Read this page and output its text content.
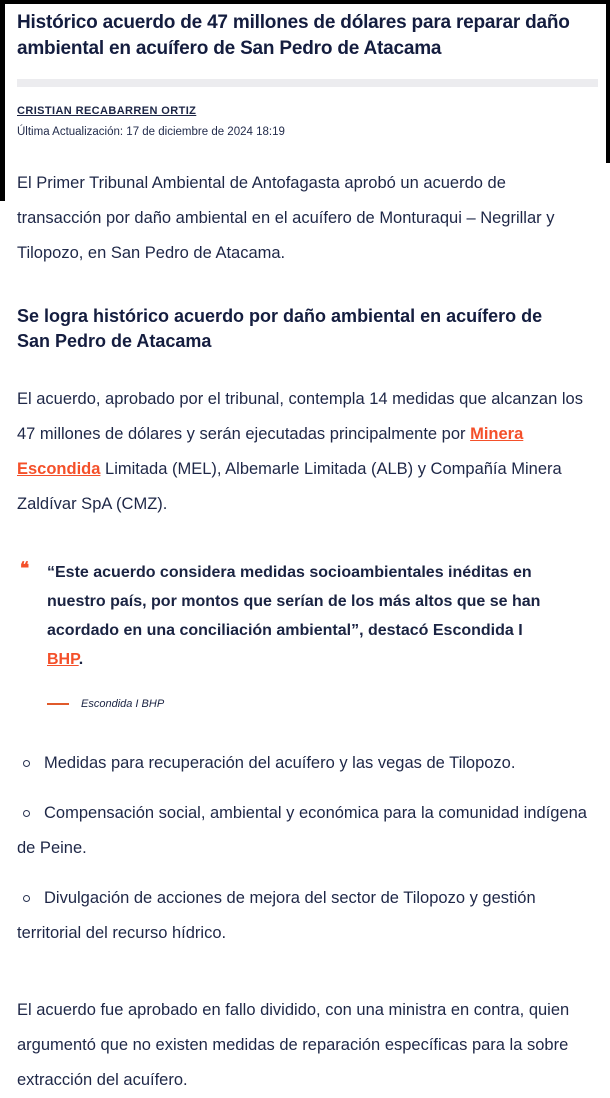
Histórico acuerdo de 47 millones de dólares para reparar daño ambiental en acuífero de San Pedro de Atacama
CRISTIAN RECABARREN ORTIZ
Última Actualización: 17 de diciembre de 2024 18:19

El Primer Tribunal Ambiental de Antofagasta aprobó un acuerdo de transacción por daño ambiental en el acuífero de Monturaqui – Negrillar y Tilopozo, en San Pedro de Atacama.

Se logra histórico acuerdo por daño ambiental en acuífero de San Pedro de Atacama

El acuerdo, aprobado por el tribunal, contempla 14 medidas que alcanzan los 47 millones de dólares y serán ejecutadas principalmente por Minera Escondida Limitada (MEL), Albemarle Limitada (ALB) y Compañía Minera Zaldívar SpA (CMZ).

❝	“Este acuerdo considera medidas socioambientales inéditas en nuestro país, por montos que serían de los más altos que se han acordado en una conciliación ambiental”, destacó Escondida I BHP.

Escondida I BHP
Medidas para recuperación del acuífero y las vegas de Tilopozo.
Compensación social, ambiental y económica para la comunidad indígena de Peine.
Divulgación de acciones de mejora del sector de Tilopozo y gestión territorial del recurso hídrico.

El acuerdo fue aprobado en fallo dividido, con una ministra en contra, quien argumentó que no existen medidas de reparación específicas para la sobre extracción del acuífero.
